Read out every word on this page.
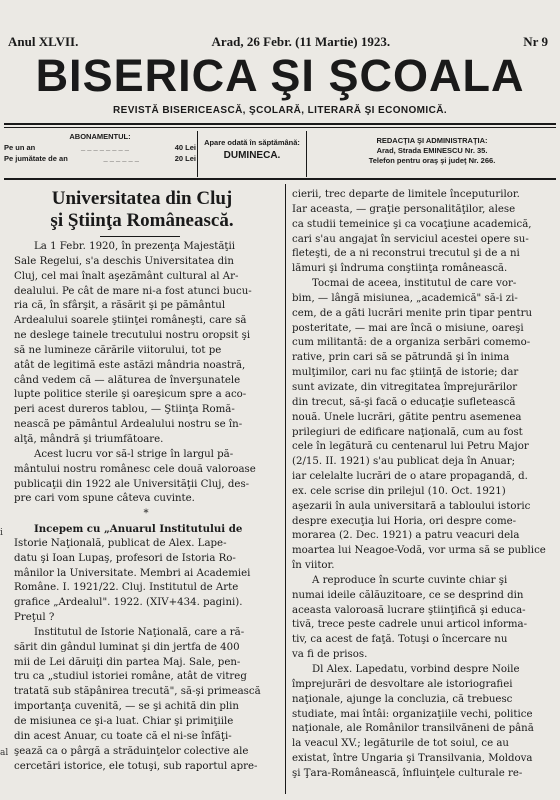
Anul XLVII.	Arad, 26 Febr. (11 Martie) 1923.	Nr 9
BISERICA ŞI ŞCOALA
REVISTĂ BISERICEASCĂ, ŞCOLARĂ, LITERARĂ ŞI ECONOMICĂ.
ABONAMENTUL:
Pe un an	_ _ _ _ _ _ _ _	40 Lei
Pe jumătate de an	_ _ _ _ _ _	20 Lei
Apare odată în săptămână:
DUMINECA.
REDACŢIA ŞI ADMINISTRAŢIA:
Arad, Strada EMINESCU Nr. 35.
Telefon pentru oraş şi judeţ Nr. 266.
Universitatea din Cluj
şi Ştiinţa Românească.
La 1 Febr. 1920, în prezenţa Majestăţii
Sale Regelui, s'a deschis Universitatea din
Cluj, cel mai înalt aşezământ cultural al Ar-
dealului. Pe cât de mare ni-a fost atunci bucu-
ria că, în sfârşit, a răsărit şi pe pământul
Ardealului soarele ştiinţei româneşti, care să
ne deslege tainele trecutului nostru oropsit şi
să ne lumineze cărările viitorului, tot pe
atât de legitimă este astăzi mândria noastră,
când vedem că — alăturea de înverşunatele
lupte politice sterile şi oareşicum spre a aco-
peri acest dureros tablou, — Ştiinţa Romă-
nească pe pământul Ardealului nostru se în-
alţă, mândră şi triumfătoare.
Acest lucru vor să-l strige în largul pă-
mântului nostru românesc cele două valoroase
publicaţii din 1922 ale Universităţii Cluj, des-
pre cari vom spune câteva cuvinte.
*
Incepem cu „Anuarul Institutului de
Istorie Naţională, publicat de Alex. Lape-
datu şi Ioan Lupaş, profesori de Istoria Ro-
mânilor la Universitate. Membri ai Academiei
Române. I. 1921/22. Cluj. Institutul de Arte
grafice „Ardealul". 1922. (XIV+434. pagini).
Preţul ?
Institutul de Istorie Naţională, care a ră-
sărit din gândul luminat şi din jertfa de 400
mii de Lei dăruiţi din partea Maj. Sale, pen-
tru ca „studiul istoriei române, atât de vitreg
tratată sub stăpânirea trecută", să-şi primească
importanţa cuvenită, — se şi achită din plin
de misiunea ce şi-a luat. Chiar şi primiţiile
din acest Anuar, cu toate că el ni-se înfăţi-
şează ca o pârgă a străduinţelor colective ale
cercetări istorice, ele totuşi, sub raportul apre-
cierii, trec departe de limitele începuturilor.
Iar aceasta, — graţie personalităţilor, alese
ca studii temeinice şi ca vocaţiune academică,
cari s'au angajat în serviciul acestei opere su-
fleteşti, de a ni reconstrui trecutul şi de a ni
lămuri şi îndruma conştiinţa românească.
Tocmai de aceea, institutul de care vor-
bim, — lângă misiunea, „academică" să-i zi-
cem, de a găti lucrări menite prin tipar pentru
posteritate, — mai are încă o misiune, oareşi
cum militantă: de a organiza serbări comemo-
rative, prin cari să se pătrundă şi în inima
mulţimilor, cari nu fac ştiinţă de istorie; dar
sunt avizate, din vitregitatea împrejurărilor
din trecut, să-şi facă o educaţie sufletească
nouă. Unele lucrări, gătite pentru asemenea
prilegiuri de edificare naţională, cum au fost
cele în legătură cu centenarul lui Petru Major
(2/15. II. 1921) s'au publicat deja în Anuar;
iar celelalte lucrări de o atare propagandă, d.
ex. cele scrise din prilejul (10. Oct. 1921)
aşezarii în aula universitară a tabloului istoric
despre execuţia lui Horia, ori despre come-
morarea (2. Dec. 1921) a patru veacuri dela
moartea lui Neagoe-Vodă, vor urma să se publice
în viitor.
A reproduce în scurte cuvinte chiar şi
numai ideile călăuzitoare, ce se desprind din
aceasta valoroasă lucrare ştiinţifică şi educa-
tivă, trece peste cadrele unui articol informa-
tiv, ca acest de faţă. Totuşi o încercare nu
va fi de prisos.
Dl Alex. Lapedatu, vorbind despre Noile
împrejurări de desvoltare ale istoriografiei
naţionale, ajunge la concluzia, că trebuesc
studiate, mai întâi: organizaţiile vechi, politice
naţionale, ale Românilor transilvăneni de până
la veacul XV.; legăturile de tot soiul, ce au
existat, între Ungaria şi Transilvania, Moldova
şi Ţara-Românească, înfluinţele culturale re-
i
al
